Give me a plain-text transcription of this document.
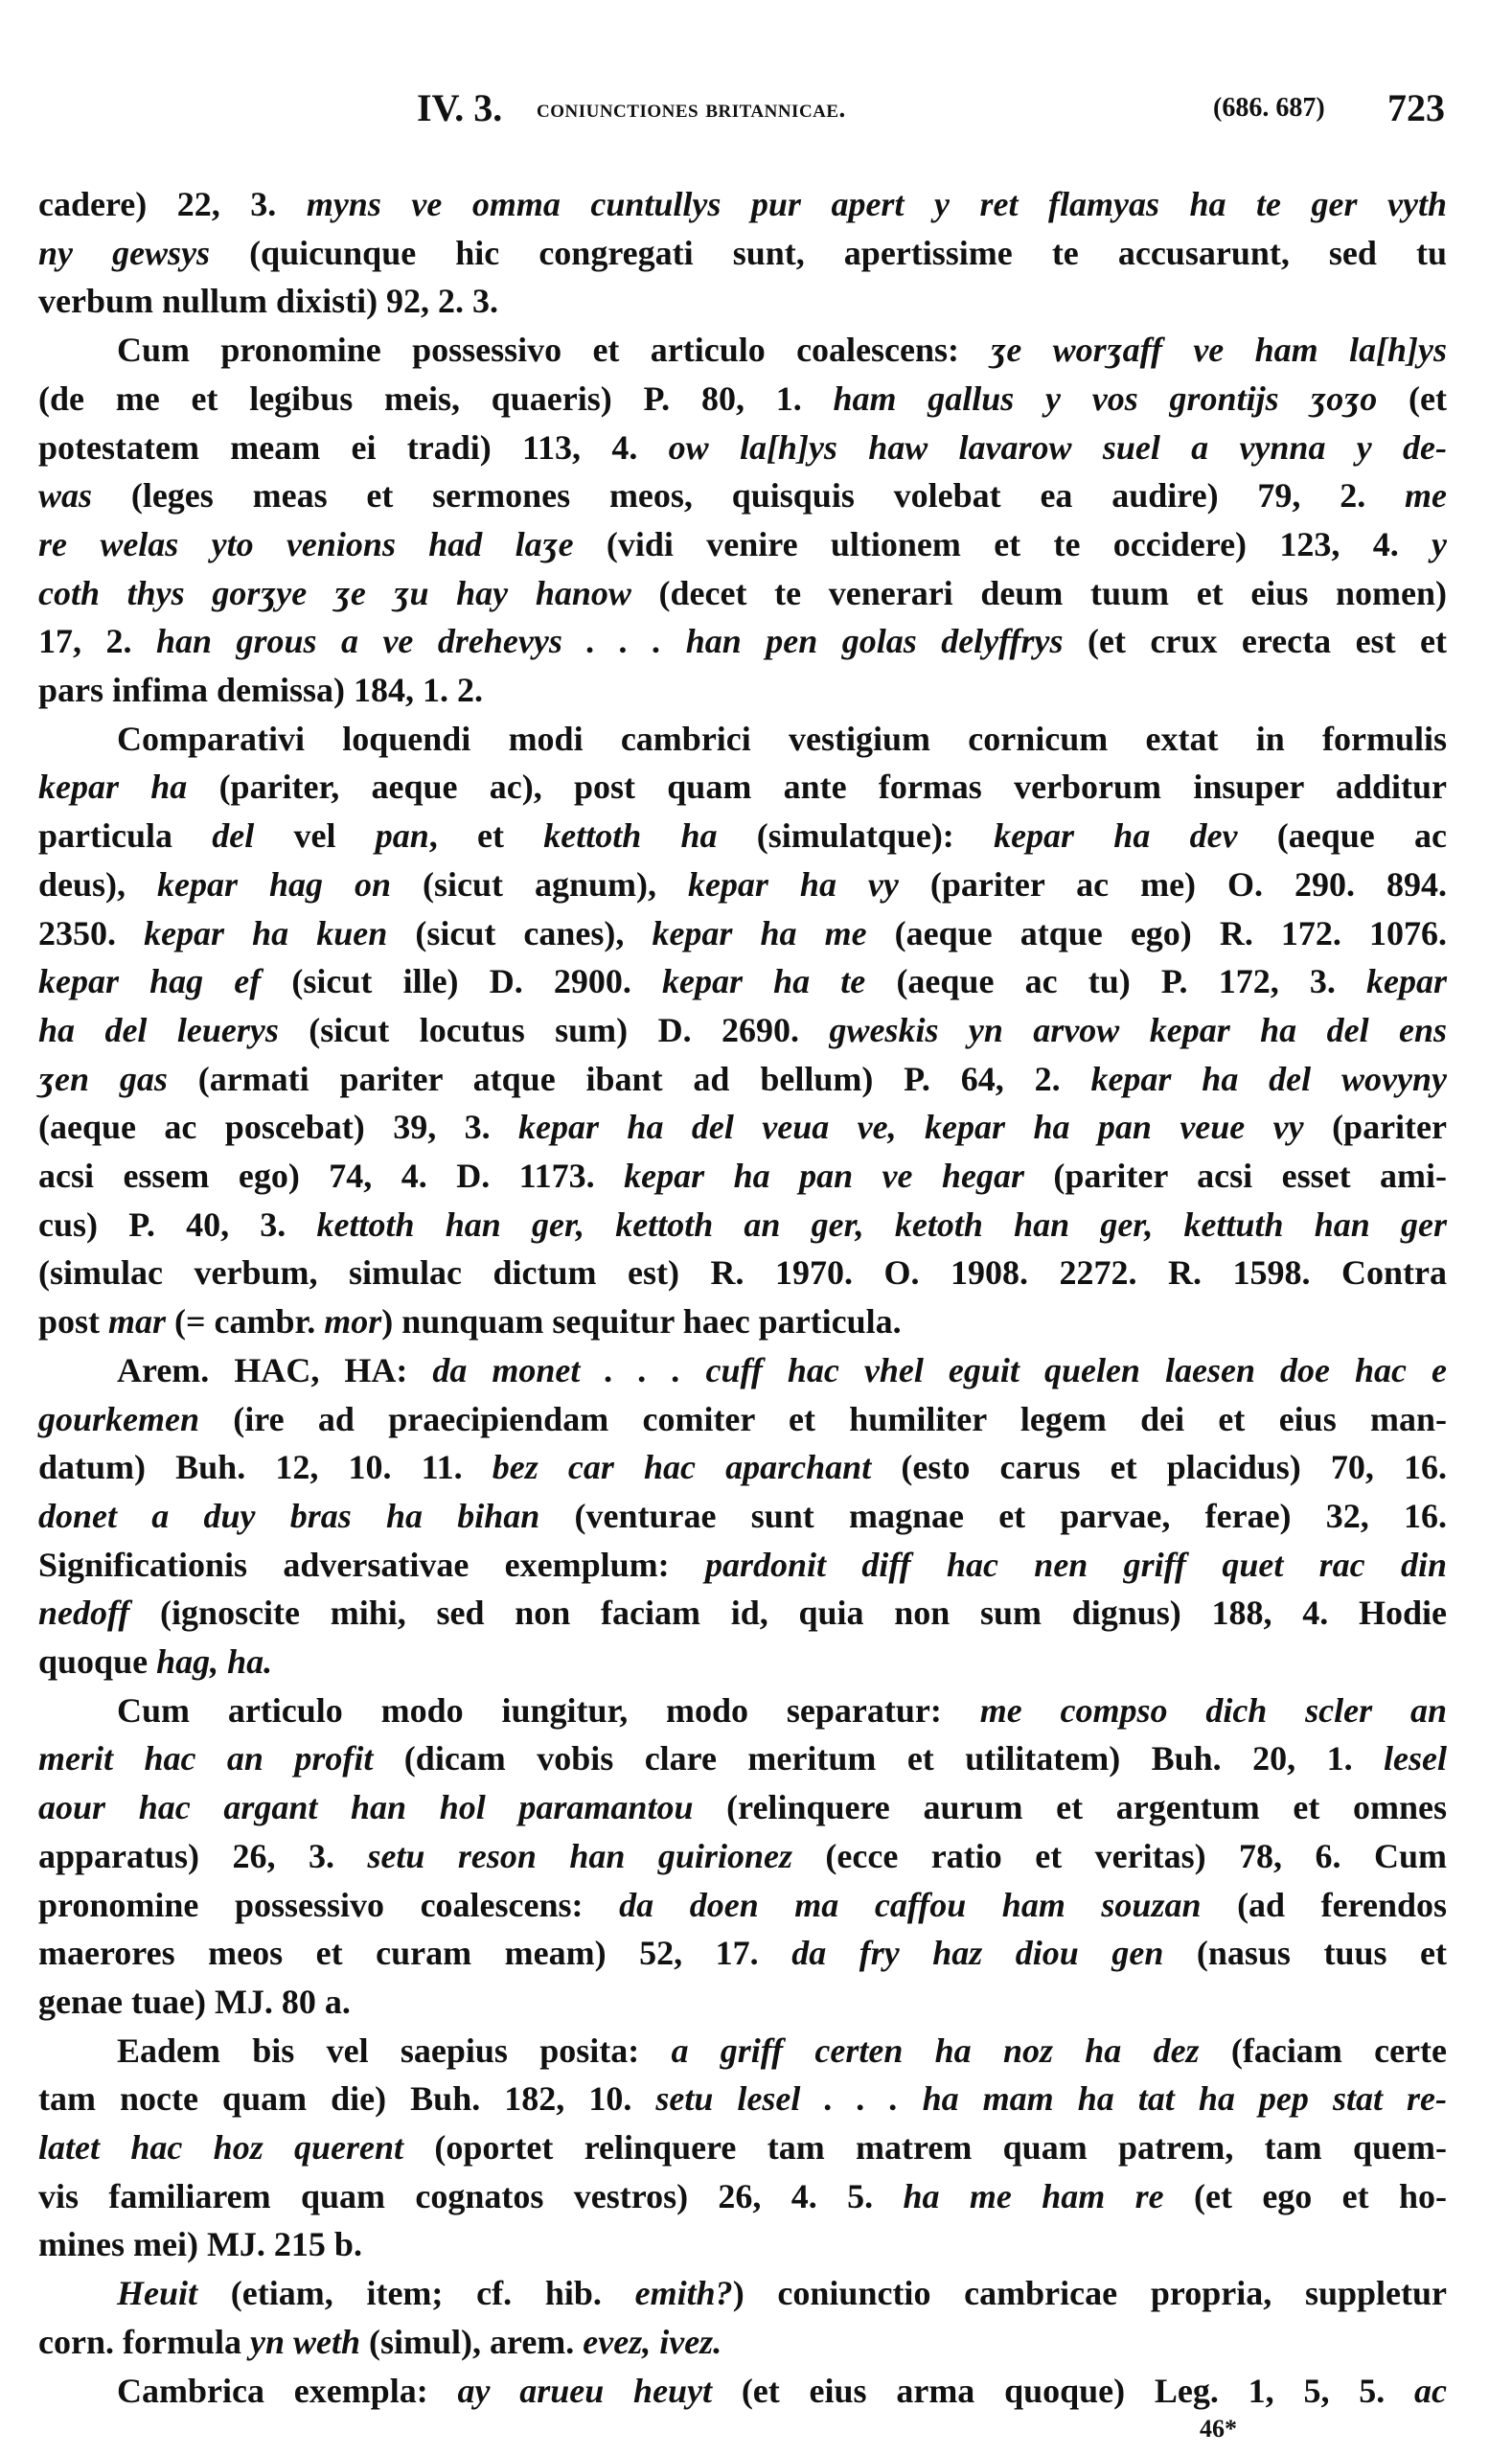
IV. 3. coniunctiones britannicae.	(686. 687) 723
cadere) 22, 3. myns ve omma cuntullys pur apert y ret flamyas ha te ger vyth
ny gewsys (quicunque hic congregati sunt, apertissime te accusarunt, sed tu
verbum nullum dixisti) 92, 2. 3.
Cum pronomine possessivo et articulo coalescens: ʒe worʒaff ve ham la[h]ys
(de me et legibus meis, quaeris) P. 80, 1. ham gallus y vos grontijs ʒoʒo (et
potestatem meam ei tradi) 113, 4. ow la[h]ys haw lavarow suel a vynna y de-
was (leges meas et sermones meos, quisquis volebat ea audire) 79, 2. me
re welas yto venions had laʒe (vidi venire ultionem et te occidere) 123, 4. y
coth thys gorʒye ʒe ʒu hay hanow (decet te venerari deum tuum et eius nomen)
17, 2. han grous a ve drehevys . . . han pen golas delyffrys (et crux erecta est et
pars infima demissa) 184, 1. 2.
Comparativi loquendi modi cambrici vestigium cornicum extat in formulis
kepar ha (pariter, aeque ac), post quam ante formas verborum insuper additur
particula del vel pan, et kettoth ha (simulatque): kepar ha dev (aeque ac
deus), kepar hag on (sicut agnum), kepar ha vy (pariter ac me) O. 290. 894.
2350. kepar ha kuen (sicut canes), kepar ha me (aeque atque ego) R. 172. 1076.
kepar hag ef (sicut ille) D. 2900. kepar ha te (aeque ac tu) P. 172, 3. kepar
ha del leuerys (sicut locutus sum) D. 2690. gweskis yn arvow kepar ha del ens
ʒen gas (armati pariter atque ibant ad bellum) P. 64, 2. kepar ha del wovyny
(aeque ac poscebat) 39, 3. kepar ha del veua ve, kepar ha pan veue vy (pariter
acsi essem ego) 74, 4. D. 1173. kepar ha pan ve hegar (pariter acsi esset ami-
cus) P. 40, 3. kettoth han ger, kettoth an ger, ketoth han ger, kettuth han ger
(simulac verbum, simulac dictum est) R. 1970. O. 1908. 2272. R. 1598. Contra
post mar (= cambr. mor) nunquam sequitur haec particula.
Arem. HAC, HA: da monet . . . cuff hac vhel eguit quelen laesen doe hac e
gourkemen (ire ad praecipiendam comiter et humiliter legem dei et eius man-
datum) Buh. 12, 10. 11. bez car hac aparchant (esto carus et placidus) 70, 16.
donet a duy bras ha bihan (venturae sunt magnae et parvae, ferae) 32, 16.
Significationis adversativae exemplum: pardonit diff hac nen griff quet rac din
nedoff (ignoscite mihi, sed non faciam id, quia non sum dignus) 188, 4. Hodie
quoque hag, ha.
Cum articulo modo iungitur, modo separatur: me compso dich scler an
merit hac an profit (dicam vobis clare meritum et utilitatem) Buh. 20, 1. lesel
aour hac argant han hol paramantou (relinquere aurum et argentum et omnes
apparatus) 26, 3. setu reson han guirionez (ecce ratio et veritas) 78, 6. Cum
pronomine possessivo coalescens: da doen ma caffou ham souzan (ad ferendos
maerores meos et curam meam) 52, 17. da fry haz diou gen (nasus tuus et
genae tuae) MJ. 80 a.
Eadem bis vel saepius posita: a griff certen ha noz ha dez (faciam certe
tam nocte quam die) Buh. 182, 10. setu lesel . . . ha mam ha tat ha pep stat re-
latet hac hoz querent (oportet relinquere tam matrem quam patrem, tam quem-
vis familiarem quam cognatos vestros) 26, 4. 5. ha me ham re (et ego et ho-
mines mei) MJ. 215 b.
Heuit (etiam, item; cf. hib. emith?) coniunctio cambricae propria, suppletur
corn. formula yn weth (simul), arem. evez, ivez.
Cambrica exempla: ay arueu heuyt (et eius arma quoque) Leg. 1, 5, 5. ac
46*
